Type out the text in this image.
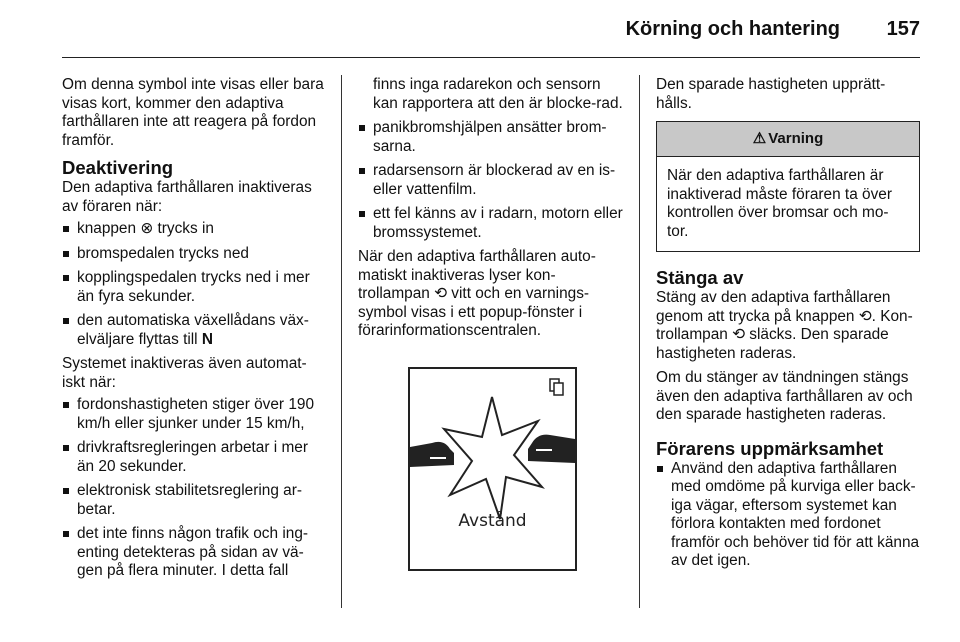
Körning och hantering 157

Om denna symbol inte visas eller bara visas kort, kommer den adaptiva farthållaren inte att reagera på fordon framför.

Deaktivering

Den adaptiva farthållaren inaktiveras av föraren när:

knappen ⊗ trycks in
bromspedalen trycks ned
kopplingspedalen trycks ned i mer än fyra sekunder.
den automatiska växellådans väx-elväljare flyttas till N

Systemet inaktiveras även automat-iskt när:

fordonshastigheten stiger över 190 km/h eller sjunker under 15 km/h,
drivkraftsregleringen arbetar i mer än 20 sekunder.
elektronisk stabilitetsreglering ar-betar.
det inte finns någon trafik och ing-enting detekteras på sidan av vä-gen på flera minuter. I detta fall
finns inga radarekon och sensorn kan rapportera att den är blocke-rad.
panikbromshjälpen ansätter brom-sarna.
radarsensorn är blockerad av en is- eller vattenfilm.
ett fel känns av i radarn, motorn eller bromssystemet.

När den adaptiva farthållaren auto-matiskt inaktiveras lyser kon-trollampan ⟲ vitt och en varnings-symbol visas i ett popup-fönster i förarinformationscentralen.

Avstånd

Den sparade hastigheten upprätt-hålls.

⚠ Varning
När den adaptiva farthållaren är inaktiverad måste föraren ta över kontrollen över bromsar och mo-tor.
Stänga av

Stäng av den adaptiva farthållaren genom att trycka på knappen ⟲. Kon-trollampan ⟲ släcks. Den sparade hastigheten raderas.

Om du stänger av tändningen stängs även den adaptiva farthållaren av och den sparade hastigheten raderas.

Förarens uppmärksamhet
Använd den adaptiva farthållaren med omdöme på kurviga eller back-iga vägar, eftersom systemet kan förlora kontakten med fordonet framför och behöver tid för att känna av det igen.
